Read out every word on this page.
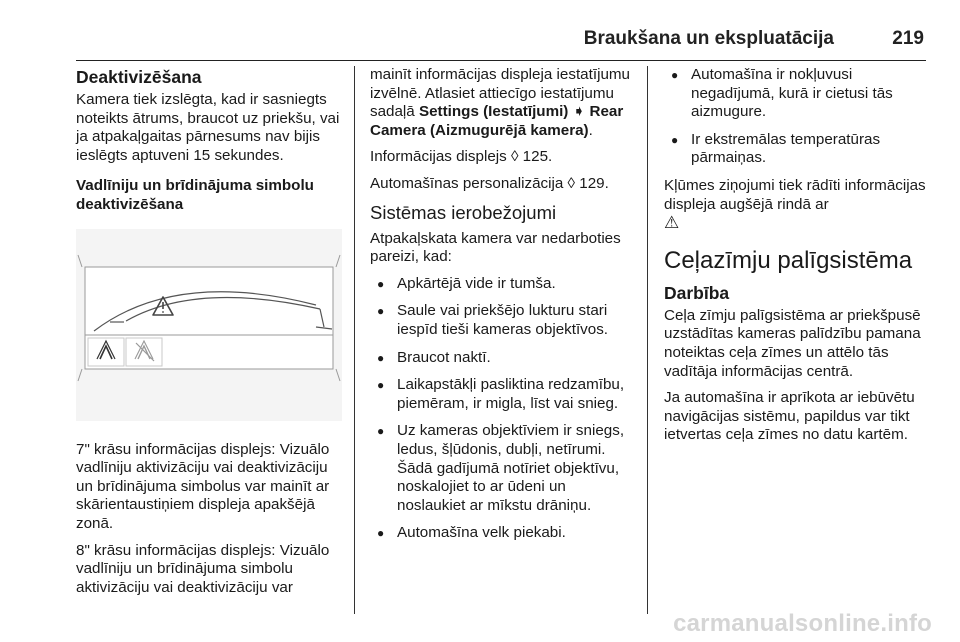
Braukšana un ekspluatācija	219
Deaktivizēšana

Kamera tiek izslēgta, kad ir sasniegts noteikts ātrums, braucot uz priekšu, vai ja atpakaļgaitas pārnesums nav bijis ieslēgts aptuveni 15 sekundes.

Vadlīniju un brīdinājuma simbolu deaktivizēšana

7" krāsu informācijas displejs: Vizuālo vadlīniju aktivizāciju vai deaktivizāciju un brīdinājuma simbolus var mainīt ar skārientaustiņiem displeja apakšējā zonā.

8" krāsu informācijas displejs: Vizuālo vadlīniju un brīdinājuma simbolu aktivizāciju vai deaktivizāciju var

mainīt informācijas displeja iestatījumu izvēlnē. Atlasiet attiecīgo iestatījumu sadaļā Settings (Iestatījumi) ➧ Rear Camera (Aizmugurējā kamera).

Informācijas displejs ◊ 125.

Automašīnas personalizācija ◊ 129.

Sistēmas ierobežojumi

Atpakaļskata kamera var nedarboties pareizi, kad:

● Apkārtējā vide ir tumša.
● Saule vai priekšējo lukturu stari iespīd tieši kameras objektīvos.
● Braucot naktī.
● Laikapstākļi pasliktina redzamību, piemēram, ir migla, līst vai snieg.
● Uz kameras objektīviem ir sniegs, ledus, šļūdonis, dubļi, netīrumi. Šādā gadījumā notīriet objektīvu, noskalojiet to ar ūdeni un noslaukiet ar mīkstu drāniņu.
● Automašīna velk piekabi.
● Automašīna ir nokļuvusi negadījumā, kurā ir cietusi tās aizmugure.
● Ir ekstremālas temperatūras pārmaiņas.

Kļūmes ziņojumi tiek rādīti informācijas displeja augšējā rindā ar
⚠

Ceļazīmju palīgsistēma
Darbība

Ceļa zīmju palīgsistēma ar priekšpusē uzstādītas kameras palīdzību pamana noteiktas ceļa zīmes un attēlo tās vadītāja informācijas centrā.

Ja automašīna ir aprīkota ar iebūvētu navigācijas sistēmu, papildus var tikt ietvertas ceļa zīmes no datu kartēm.

carmanualsonline.info
